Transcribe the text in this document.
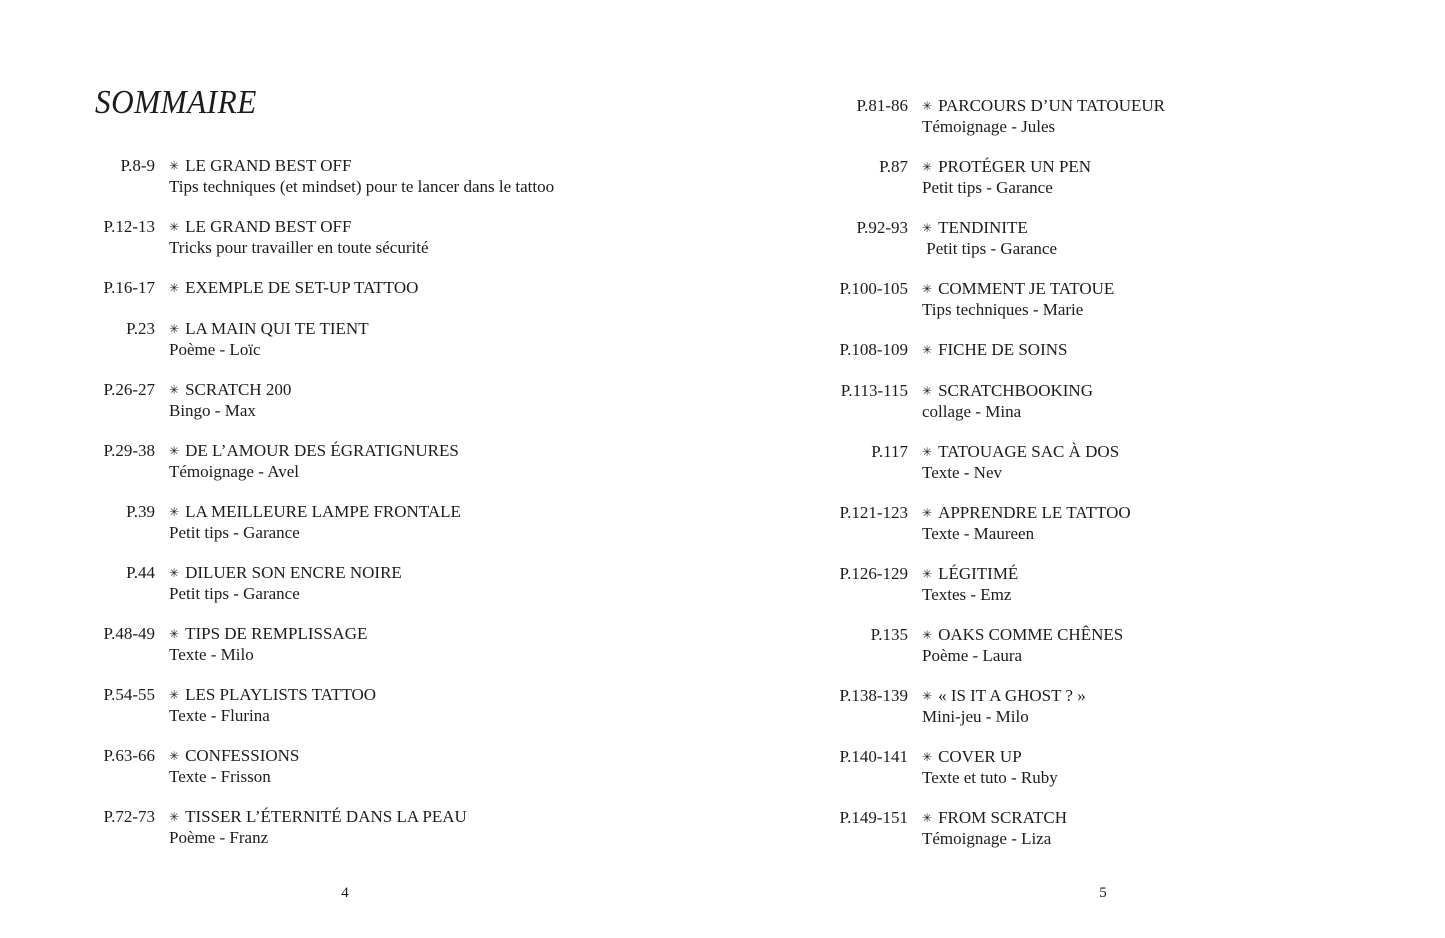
SOMMAIRE
P.8-9 ✳ LE GRAND BEST OFF
Tips techniques (et mindset) pour te lancer dans le tattoo
P.12-13 ✳ LE GRAND BEST OFF
Tricks pour travailler en toute sécurité
P.16-17 ✳ EXEMPLE DE SET-UP TATTOO
P.23 ✳ LA MAIN QUI TE TIENT
Poème - Loïc
P.26-27 ✳ SCRATCH 200
Bingo - Max
P.29-38 ✳ DE L’AMOUR DES ÉGRATIGNURES
Témoignage - Avel
P.39 ✳ LA MEILLEURE LAMPE FRONTALE
Petit tips - Garance
P.44 ✳ DILUER SON ENCRE NOIRE
Petit tips - Garance
P.48-49 ✳ TIPS DE REMPLISSAGE
Texte - Milo
P.54-55 ✳ LES PLAYLISTS TATTOO
Texte - Flurina
P.63-66 ✳ CONFESSIONS
Texte - Frisson
P.72-73 ✳ TISSER L’ÉTERNITÉ DANS LA PEAU
Poème - Franz
P.81-86 ✳ PARCOURS D’UN TATOUEUR
Témoignage - Jules
P.87 ✳ PROTÉGER UN PEN
Petit tips - Garance
P.92-93 ✳ TENDINITE
Petit tips - Garance
P.100-105 ✳ COMMENT JE TATOUE
Tips techniques - Marie
P.108-109 ✳ FICHE DE SOINS
P.113-115 ✳ SCRATCHBOOKING
collage - Mina
P.117 ✳ TATOUAGE SAC À DOS
Texte - Nev
P.121-123 ✳ APPRENDRE LE TATTOO
Texte - Maureen
P.126-129 ✳ LÉGITIMÉ
Textes - Emz
P.135 ✳ OAKS COMME CHÊNES
Poème - Laura
P.138-139 ✳ « IS IT A GHOST ? »
Mini-jeu - Milo
P.140-141 ✳ COVER UP
Texte et tuto - Ruby
P.149-151 ✳ FROM SCRATCH
Témoignage - Liza
4	5
